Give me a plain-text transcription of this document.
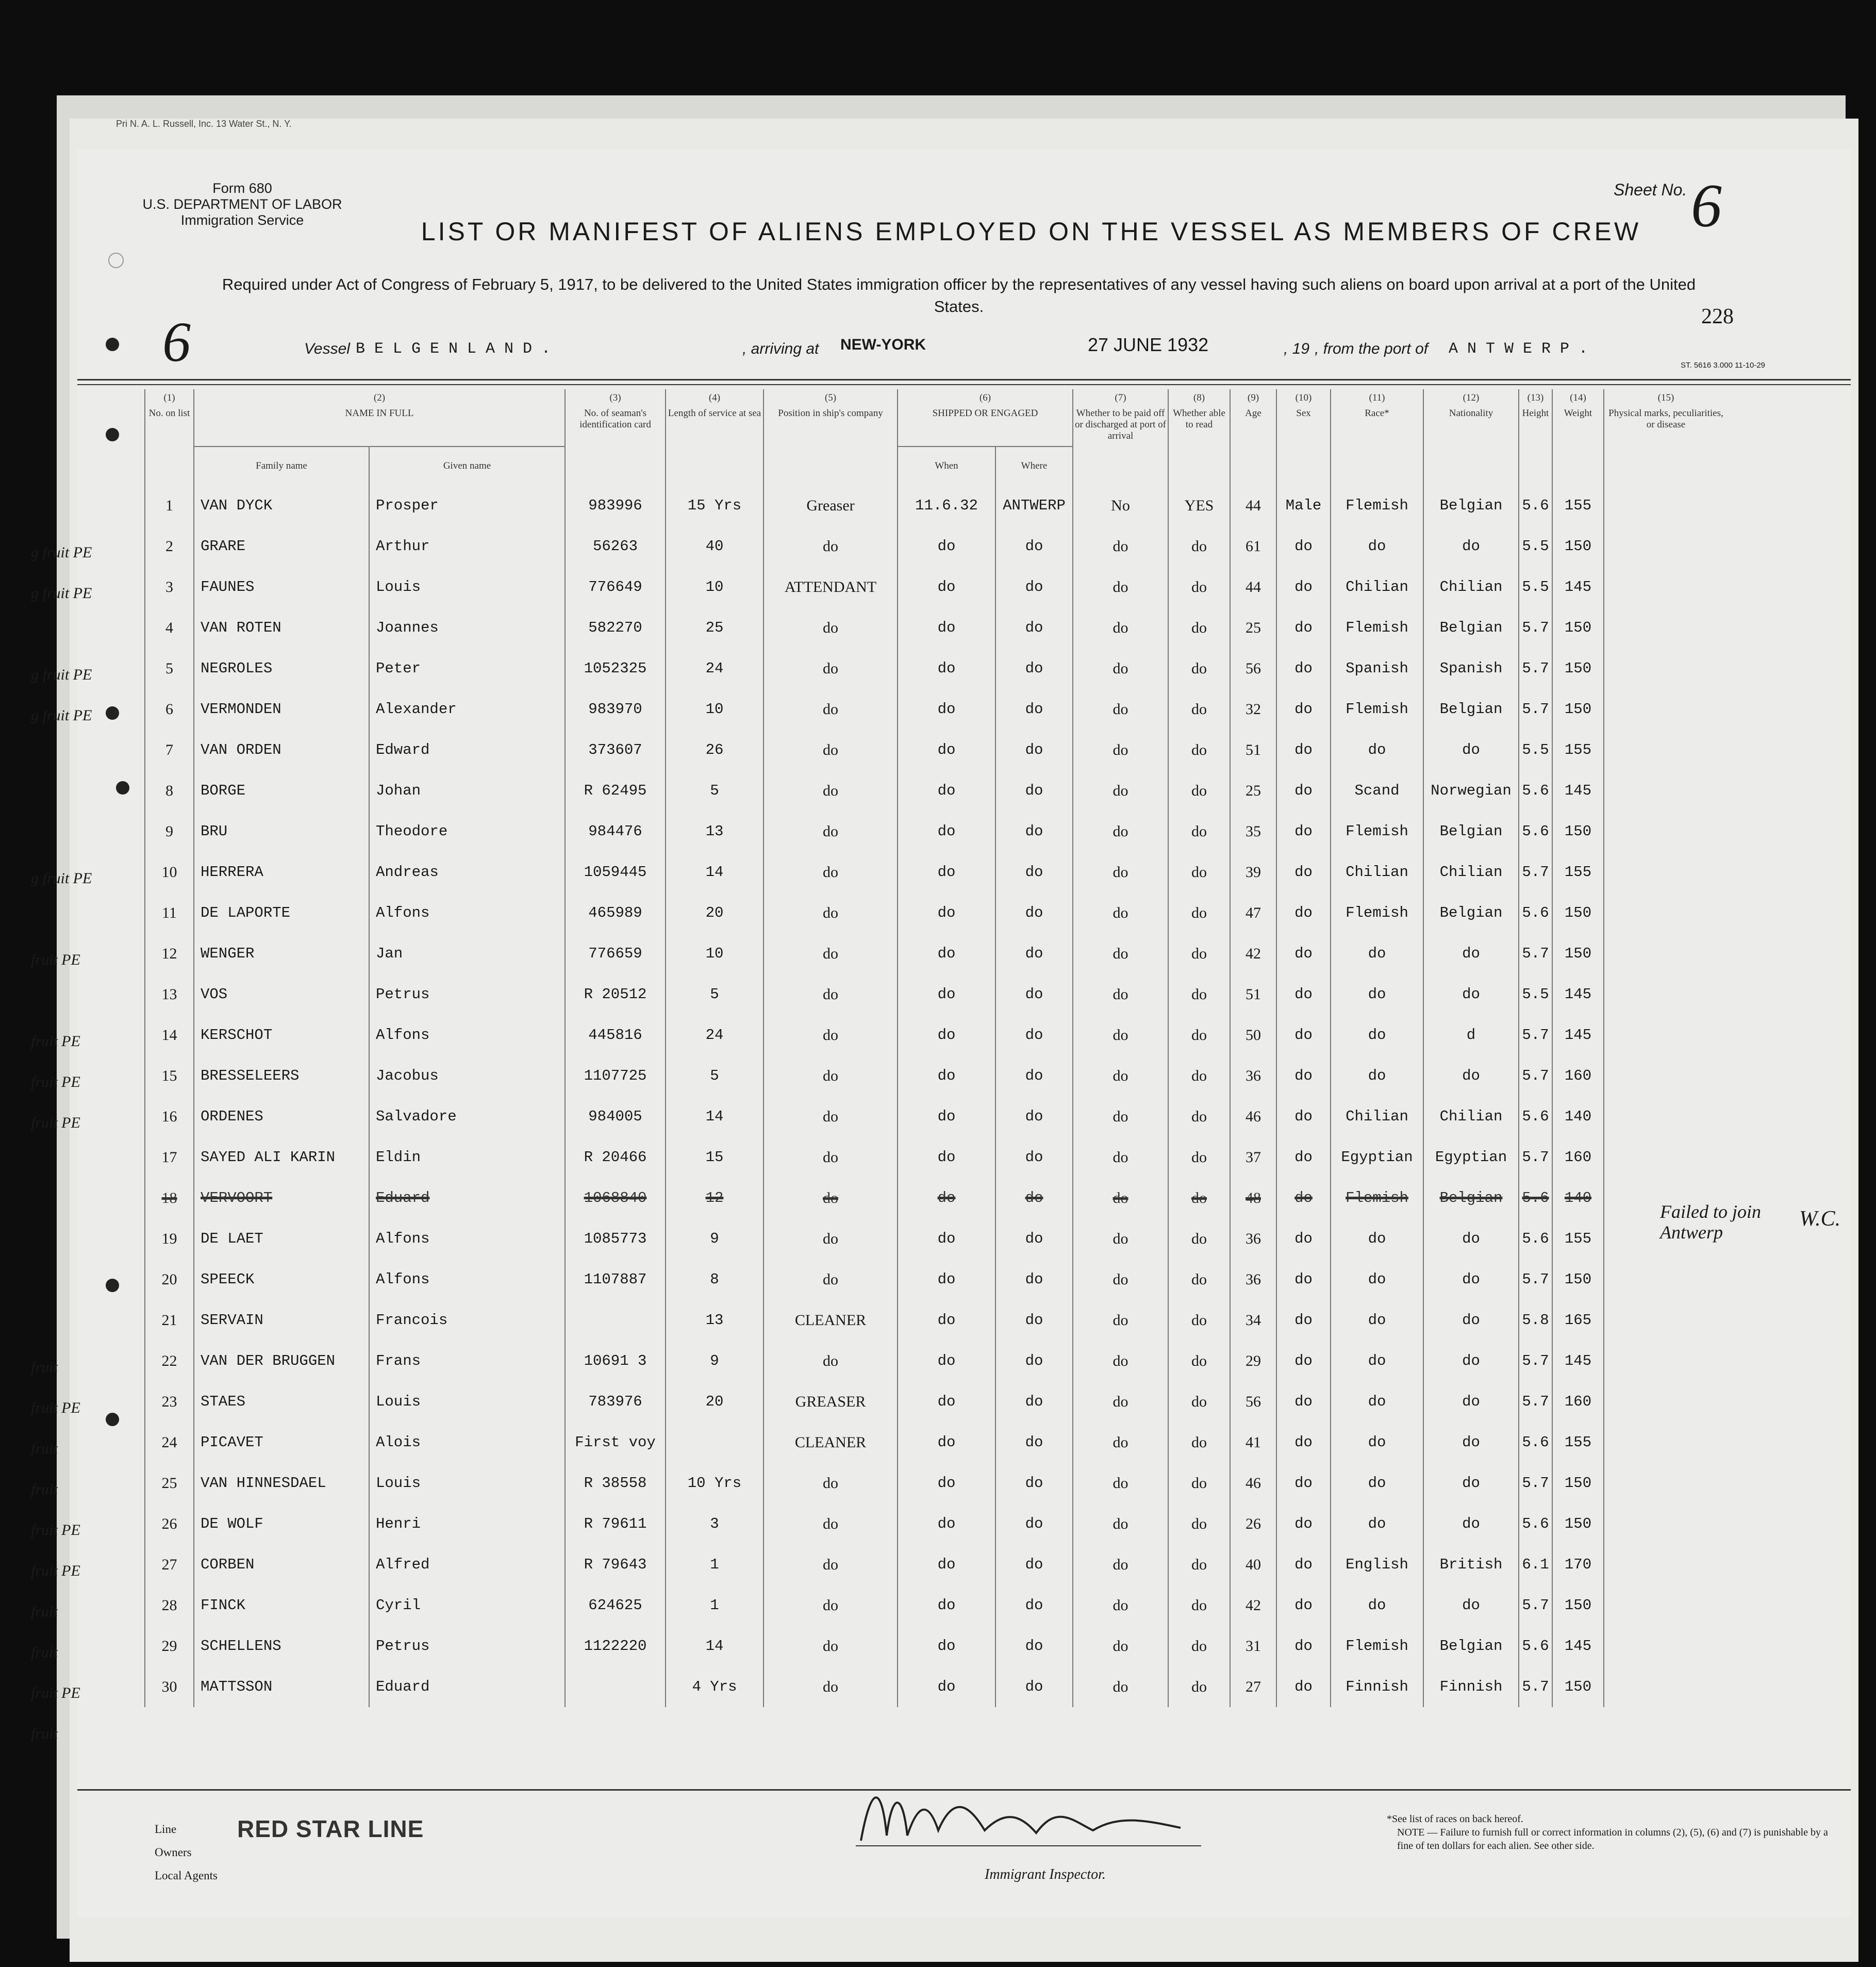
Pri N. A. L. Russell, Inc. 13 Water St., N. Y.
Form 680
U.S. DEPARTMENT OF LABOR
Immigration Service	LIST OR MANIFEST OF ALIENS EMPLOYED ON THE VESSEL AS MEMBERS OF CREW
Sheet No. 6
Required under Act of Congress of February 5, 1917, to be delivered to the United States immigration officer by the representatives of any vessel having such aliens on board upon arrival at a port of the United States.	228
6	Vessel B E L G E N L A N D .	, arriving at NEW-YORK	27 JUNE 1932	, 19 , from the port of A N T W E R P .
ST. 5616 3.000 11-10-29
(1)	(2)		(3)	(4)	(5)	(6)		(7)	(8)	(9)	(10)	(11)	(12)	(13)	(14)	(15)
No. on list	NAME IN FULL		No. of seaman's identification card	Length of service at sea	Position in ship's company	SHIPPED OR ENGAGED		Whether to be paid off or discharged at port of arrival	Whether able to read	Age	Sex	Race*	Nationality	Height	Weight	Physical marks, peculiarities, or disease
	Family name	Given name				When	Where									
1	VAN DYCK	Prosper	983996	15 Yrs	Greaser	11.6.32	ANTWERP	No	YES	44	Male	Flemish	Belgian	5.6	155	
2	GRARE	Arthur	56263	40	do	do	do	do	do	61	do	do	do	5.5	150	
3	FAUNES	Louis	776649	10	ATTENDANT	do	do	do	do	44	do	Chilian	Chilian	5.5	145	
4	VAN ROTEN	Joannes	582270	25	do	do	do	do	do	25	do	Flemish	Belgian	5.7	150	
5	NEGROLES	Peter	1052325	24	do	do	do	do	do	56	do	Spanish	Spanish	5.7	150	
6	VERMONDEN	Alexander	983970	10	do	do	do	do	do	32	do	Flemish	Belgian	5.7	150	
7	VAN ORDEN	Edward	373607	26	do	do	do	do	do	51	do	do	do	5.5	155	
8	BORGE	Johan	R 62495	5	do	do	do	do	do	25	do	Scand	Norwegian	5.6	145	
9	BRU	Theodore	984476	13	do	do	do	do	do	35	do	Flemish	Belgian	5.6	150	
10	HERRERA	Andreas	1059445	14	do	do	do	do	do	39	do	Chilian	Chilian	5.7	155	
11	DE LAPORTE	Alfons	465989	20	do	do	do	do	do	47	do	Flemish	Belgian	5.6	150	
12	WENGER	Jan	776659	10	do	do	do	do	do	42	do	do	do	5.7	150	
13	VOS	Petrus	R 20512	5	do	do	do	do	do	51	do	do	do	5.5	145	
14	KERSCHOT	Alfons	445816	24	do	do	do	do	do	50	do	do	d	5.7	145	
15	BRESSELEERS	Jacobus	1107725	5	do	do	do	do	do	36	do	do	do	5.7	160	
16	ORDENES	Salvadore	984005	14	do	do	do	do	do	46	do	Chilian	Chilian	5.6	140	
17	SAYED ALI KARIN	Eldin	R 20466	15	do	do	do	do	do	37	do	Egyptian	Egyptian	5.7	160	
18	VERVOORT	Eduard	1068840	12	do	do	do	do	do	48	do	Flemish	Belgian	5.6	140	
19	DE LAET	Alfons	1085773	9	do	do	do	do	do	36	do	do	do	5.6	155	
20	SPEECK	Alfons	1107887	8	do	do	do	do	do	36	do	do	do	5.7	150	
21	SERVAIN	Francois		13	CLEANER	do	do	do	do	34	do	do	do	5.8	165	
22	VAN DER BRUGGEN	Frans	10691 3	9	do	do	do	do	do	29	do	do	do	5.7	145	
23	STAES	Louis	783976	20	GREASER	do	do	do	do	56	do	do	do	5.7	160	
24	PICAVET	Alois	First voy		CLEANER	do	do	do	do	41	do	do	do	5.6	155	
25	VAN HINNESDAEL	Louis	R 38558	10 Yrs	do	do	do	do	do	46	do	do	do	5.7	150	
26	DE WOLF	Henri	R 79611	3	do	do	do	do	do	26	do	do	do	5.6	150	
27	CORBEN	Alfred	R 79643	1	do	do	do	do	do	40	do	English	British	6.1	170	
28	FINCK	Cyril	624625	1	do	do	do	do	do	42	do	do	do	5.7	150	
29	SCHELLENS	Petrus	1122220	14	do	do	do	do	do	31	do	Flemish	Belgian	5.6	145	
30	MATTSSON	Eduard		4 Yrs	do	do	do	do	do	27	do	Finnish	Finnish	5.7	150	
g fruit PE
g fruit PE
g fruit PE
g fruit PE
g fruit PE
fruit PE
fruit PE
fruit PE
fruit PE
fruit
fruit PE
fruit
fruit
fruit PE
fruit PE
fruit
fruit
fruit PE
fruit
Failed to join Antwerp
W.C.
Line
Owners
Local Agents
RED STAR LINE
Immigrant Inspector.
*See list of races on back hereof.
NOTE — Failure to furnish full or correct information in columns (2), (5), (6) and (7) is punishable by a fine of ten dollars for each alien. See other side.
